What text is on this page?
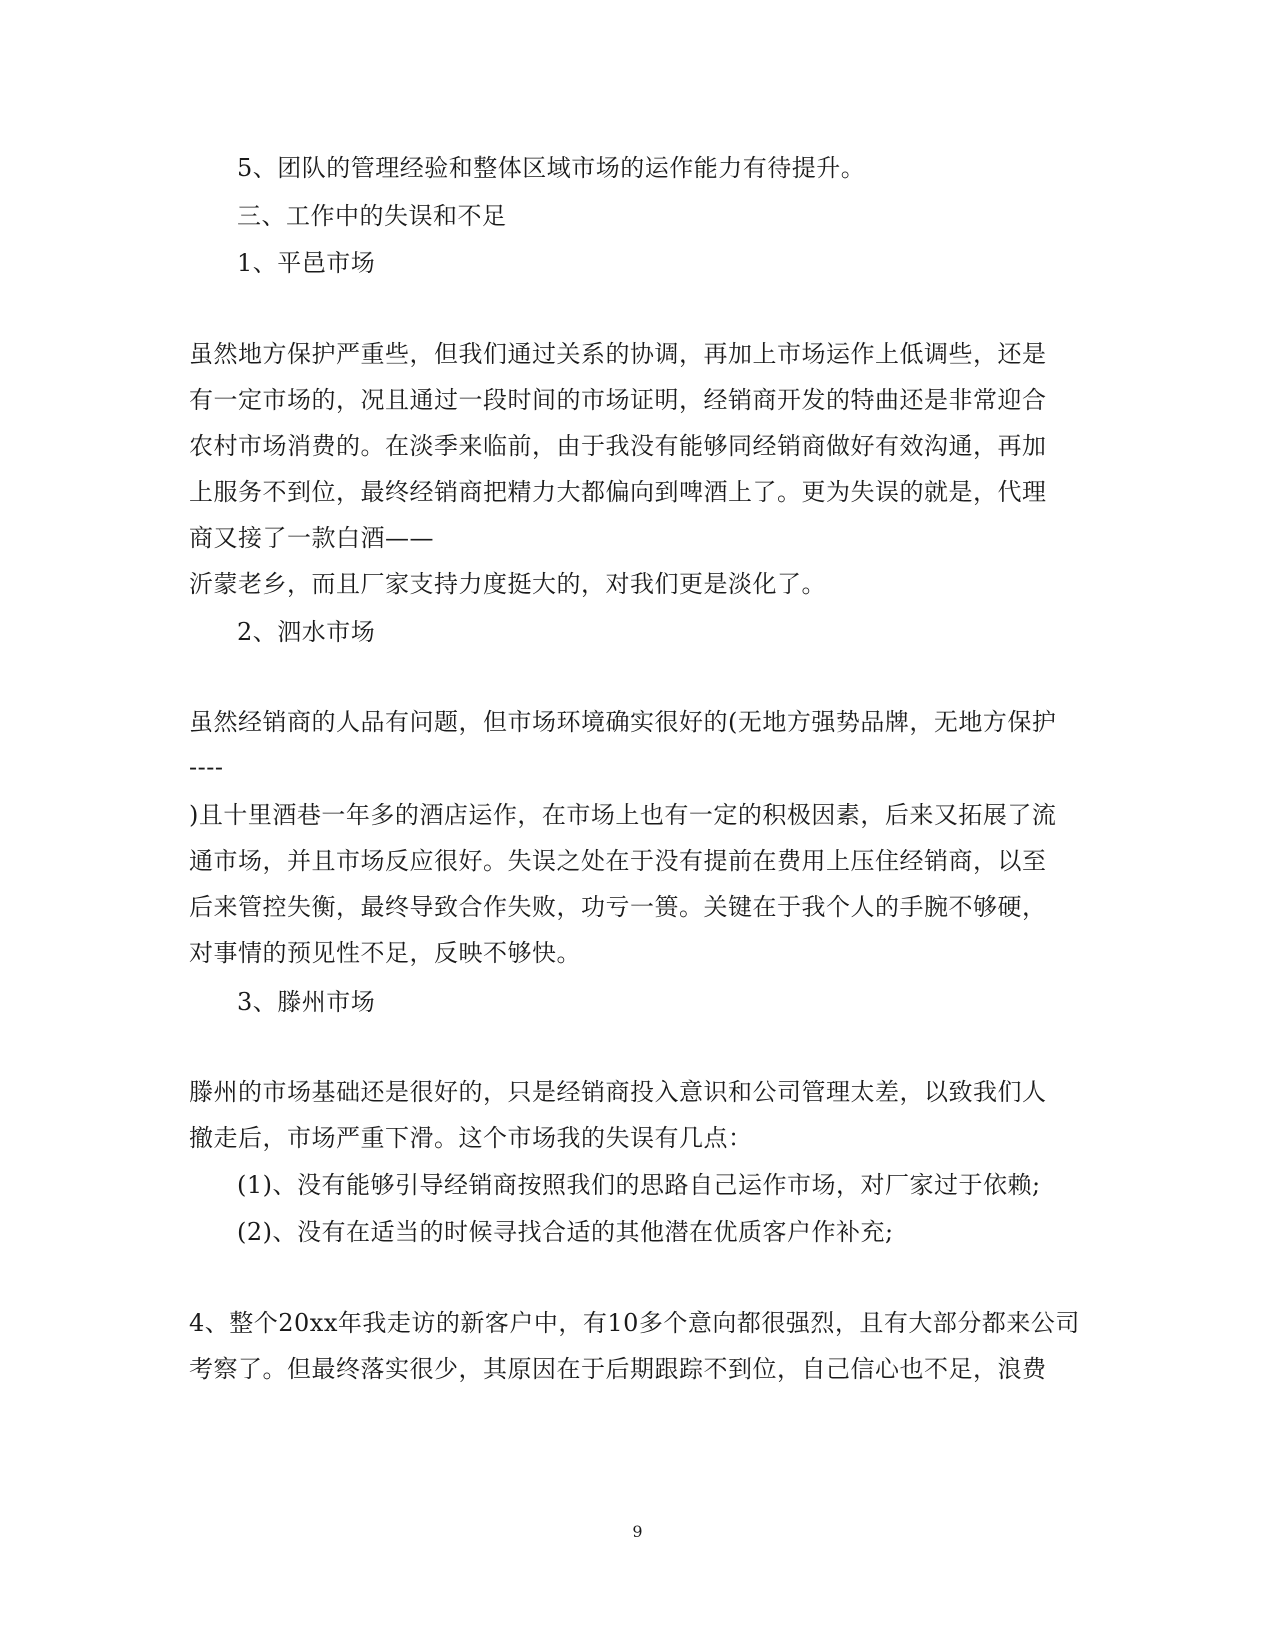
5、团队的管理经验和整体区域市场的运作能力有待提升。
三、工作中的失误和不足
1、平邑市场
虽然地方保护严重些，但我们通过关系的协调，再加上市场运作上低调些，还是
有一定市场的，况且通过一段时间的市场证明，经销商开发的特曲还是非常迎合
农村市场消费的。在淡季来临前，由于我没有能够同经销商做好有效沟通，再加
上服务不到位，最终经销商把精力大都偏向到啤酒上了。更为失误的就是，代理
商又接了一款白酒——
沂蒙老乡，而且厂家支持力度挺大的，对我们更是淡化了。
2、泗水市场
虽然经销商的人品有问题，但市场环境确实很好的(无地方强势品牌，无地方保护
----
)且十里酒巷一年多的酒店运作，在市场上也有一定的积极因素，后来又拓展了流
通市场，并且市场反应很好。失误之处在于没有提前在费用上压住经销商，以至
后来管控失衡，最终导致合作失败，功亏一篑。关键在于我个人的手腕不够硬，
对事情的预见性不足，反映不够快。
3、滕州市场
滕州的市场基础还是很好的，只是经销商投入意识和公司管理太差，以致我们人
撤走后，市场严重下滑。这个市场我的失误有几点：
(1)、没有能够引导经销商按照我们的思路自己运作市场，对厂家过于依赖;
(2)、没有在适当的时候寻找合适的其他潜在优质客户作补充;
4、整个20xx年我走访的新客户中，有10多个意向都很强烈，且有大部分都来公司
考察了。但最终落实很少，其原因在于后期跟踪不到位，自己信心也不足，浪费
9
